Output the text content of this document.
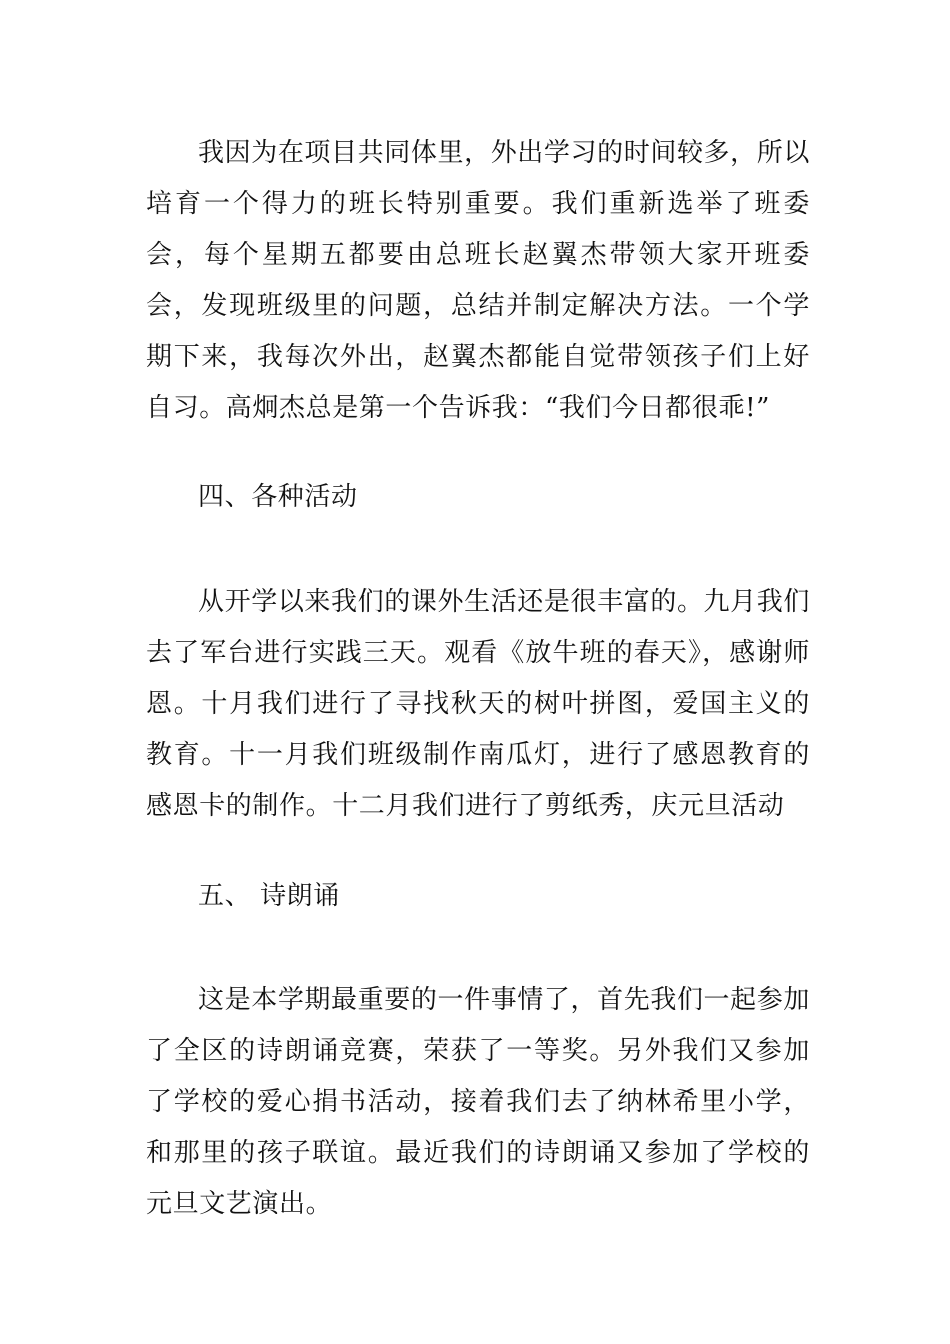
我因为在项目共同体里，外出学习的时间较多，所以培育一个得力的班长特别重要。我们重新选举了班委会，每个星期五都要由总班长赵翼杰带领大家开班委会，发现班级里的问题，总结并制定解决方法。一个学期下来，我每次外出，赵翼杰都能自觉带领孩子们上好自习。高炯杰总是第一个告诉我：“我们今日都很乖!”

四、各种活动

从开学以来我们的课外生活还是很丰富的。九月我们去了军台进行实践三天。观看《放牛班的春天》，感谢师恩。十月我们进行了寻找秋天的树叶拼图，爱国主义的教育。十一月我们班级制作南瓜灯，进行了感恩教育的感恩卡的制作。十二月我们进行了剪纸秀，庆元旦活动

五、 诗朗诵

这是本学期最重要的一件事情了，首先我们一起参加了全区的诗朗诵竞赛，荣获了一等奖。另外我们又参加了学校的爱心捐书活动，接着我们去了纳林希里小学，和那里的孩子联谊。最近我们的诗朗诵又参加了学校的元旦文艺演出。
